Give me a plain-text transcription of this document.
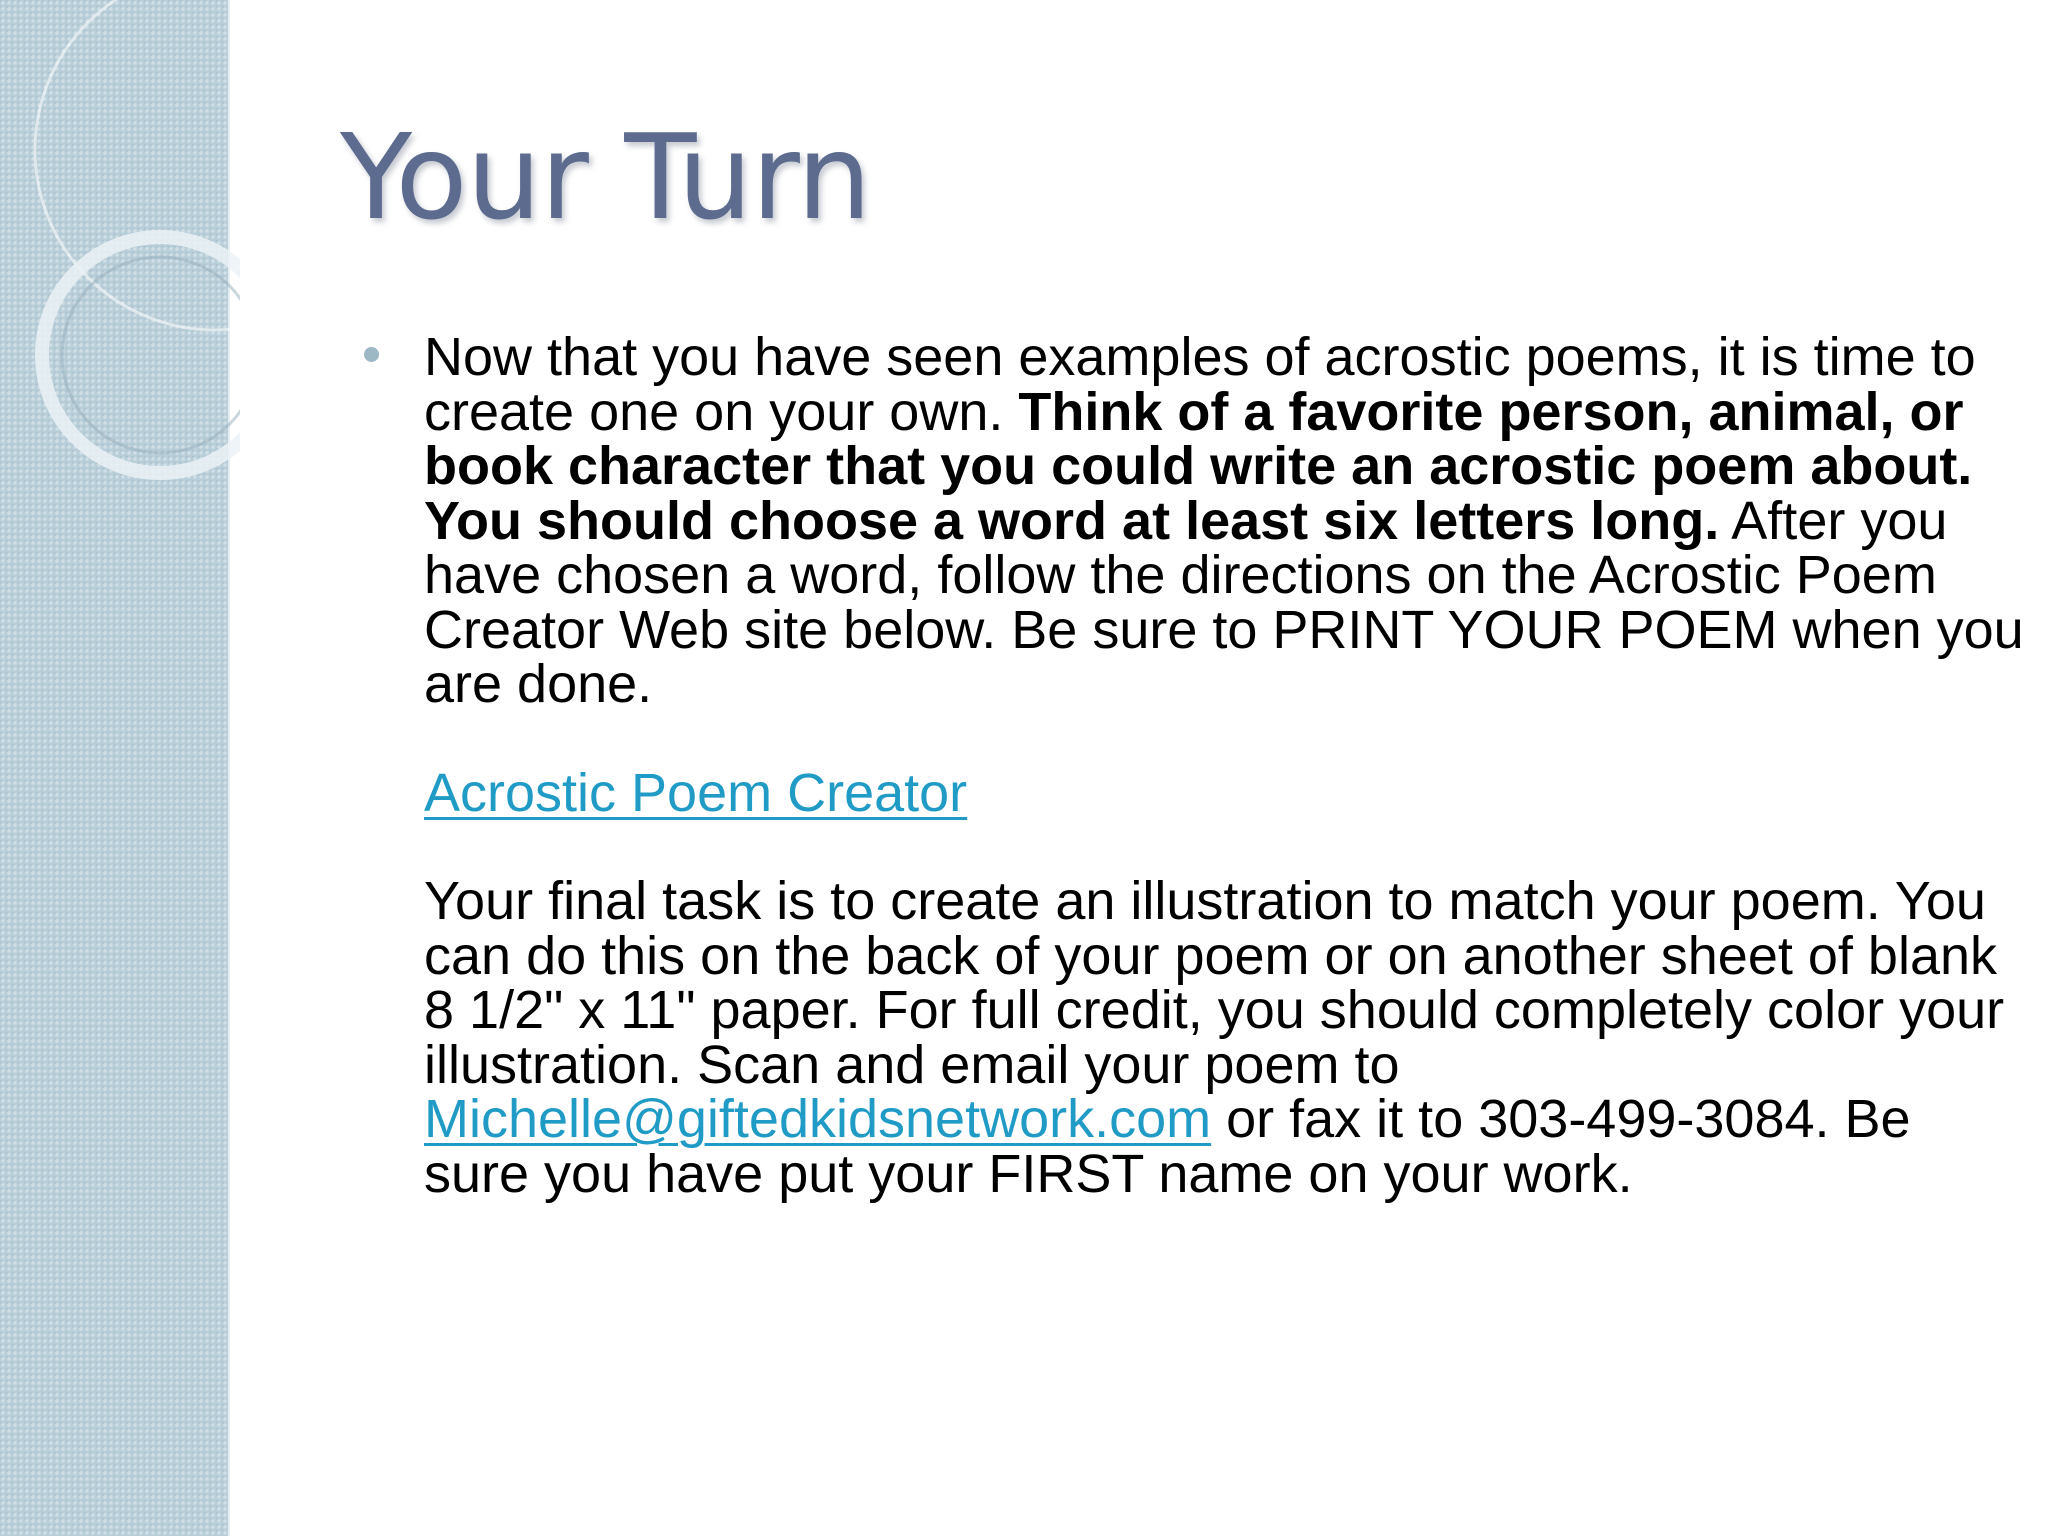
Your Turn

Now that you have seen examples of acrostic poems, it is time to create one on your own. Think of a favorite person, animal, or book character that you could write an acrostic poem about. You should choose a word at least six letters long. After you have chosen a word, follow the directions on the Acrostic Poem Creator Web site below. Be sure to PRINT YOUR POEM when you are done.

Acrostic Poem Creator

Your final task is to create an illustration to match your poem. You can do this on the back of your poem or on another sheet of blank 8 1/2" x 11" paper. For full credit, you should completely color your illustration. Scan and email your poem to Michelle@giftedkidsnetwork.com or fax it to 303-499-3084. Be sure you have put your FIRST name on your work.
